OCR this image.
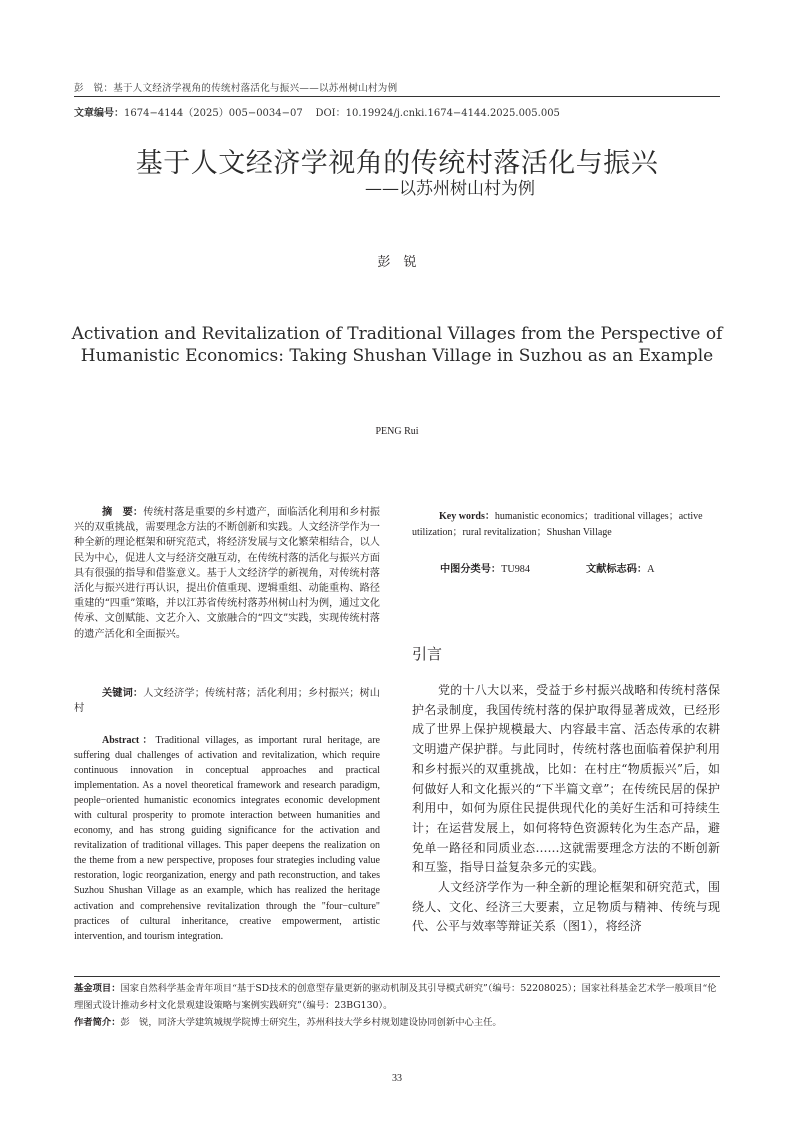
彭　锐：基于人文经济学视角的传统村落活化与振兴——以苏州树山村为例
文章编号：1674−4144（2025）005−0034−07 DOI：10.19924/j.cnki.1674−4144.2025.005.005
基于人文经济学视角的传统村落活化与振兴
——以苏州树山村为例
彭　锐
Activation and Revitalization of Traditional Villages from the Perspective of
Humanistic Economics: Taking Shushan Village in Suzhou as an Example
PENG Rui
摘　要：传统村落是重要的乡村遗产，面临活化利用和乡村振兴的双重挑战，需要理念方法的不断创新和实践。人文经济学作为一种全新的理论框架和研究范式，将经济发展与文化繁荣相结合，以人民为中心，促进人文与经济交融互动，在传统村落的活化与振兴方面具有很强的指导和借鉴意义。基于人文经济学的新视角，对传统村落活化与振兴进行再认识，提出价值重现、逻辑重组、动能重构、路径重建的“四重”策略，并以江苏省传统村落苏州树山村为例，通过文化传承、文创赋能、文艺介入、文旅融合的“四文”实践，实现传统村落的遗产活化和全面振兴。
关键词：人文经济学；传统村落；活化利用；乡村振兴；树山村
Abstract：Traditional villages, as important rural heritage, are suffering dual challenges of activation and revitalization, which require continuous innovation in conceptual approaches and practical implementation. As a novel theoretical framework and research paradigm, people−oriented humanistic economics integrates economic development with cultural prosperity to promote interaction between humanities and economy, and has strong guiding significance for the activation and revitalization of traditional villages. This paper deepens the realization on the theme from a new perspective, proposes four strategies including value restoration, logic reorganization, energy and path reconstruction, and takes Suzhou Shushan Village as an example, which has realized the heritage activation and comprehensive revitalization through the "four−culture" practices of cultural inheritance, creative empowerment, artistic intervention, and tourism integration.
Key words：humanistic economics；traditional villages；active utilization；rural revitalization；Shushan Village
中图分类号：TU984	文献标志码：A
引言

党的十八大以来，受益于乡村振兴战略和传统村落保护名录制度，我国传统村落的保护取得显著成效，已经形成了世界上保护规模最大、内容最丰富、活态传承的农耕文明遗产保护群。与此同时，传统村落也面临着保护利用和乡村振兴的双重挑战，比如：在村庄“物质振兴”后，如何做好人和文化振兴的“下半篇文章”；在传统民居的保护利用中，如何为原住民提供现代化的美好生活和可持续生计；在运营发展上，如何将特色资源转化为生态产品，避免单一路径和同质业态……这就需要理念方法的不断创新和互鉴，指导日益复杂多元的实践。

人文经济学作为一种全新的理论框架和研究范式，围绕人、文化、经济三大要素，立足物质与精神、传统与现代、公平与效率等辩证关系（图1），将经济

基金项目：国家自然科学基金青年项目“基于SD技术的创意型存量更新的驱动机制及其引导模式研究”（编号：52208025）；国家社科基金艺术学一般项目“伦理图式设计推动乡村文化景观建设策略与案例实践研究”（编号：23BG130）。
作者简介：彭　锐，同济大学建筑城规学院博士研究生，苏州科技大学乡村规划建设协同创新中心主任。
33
